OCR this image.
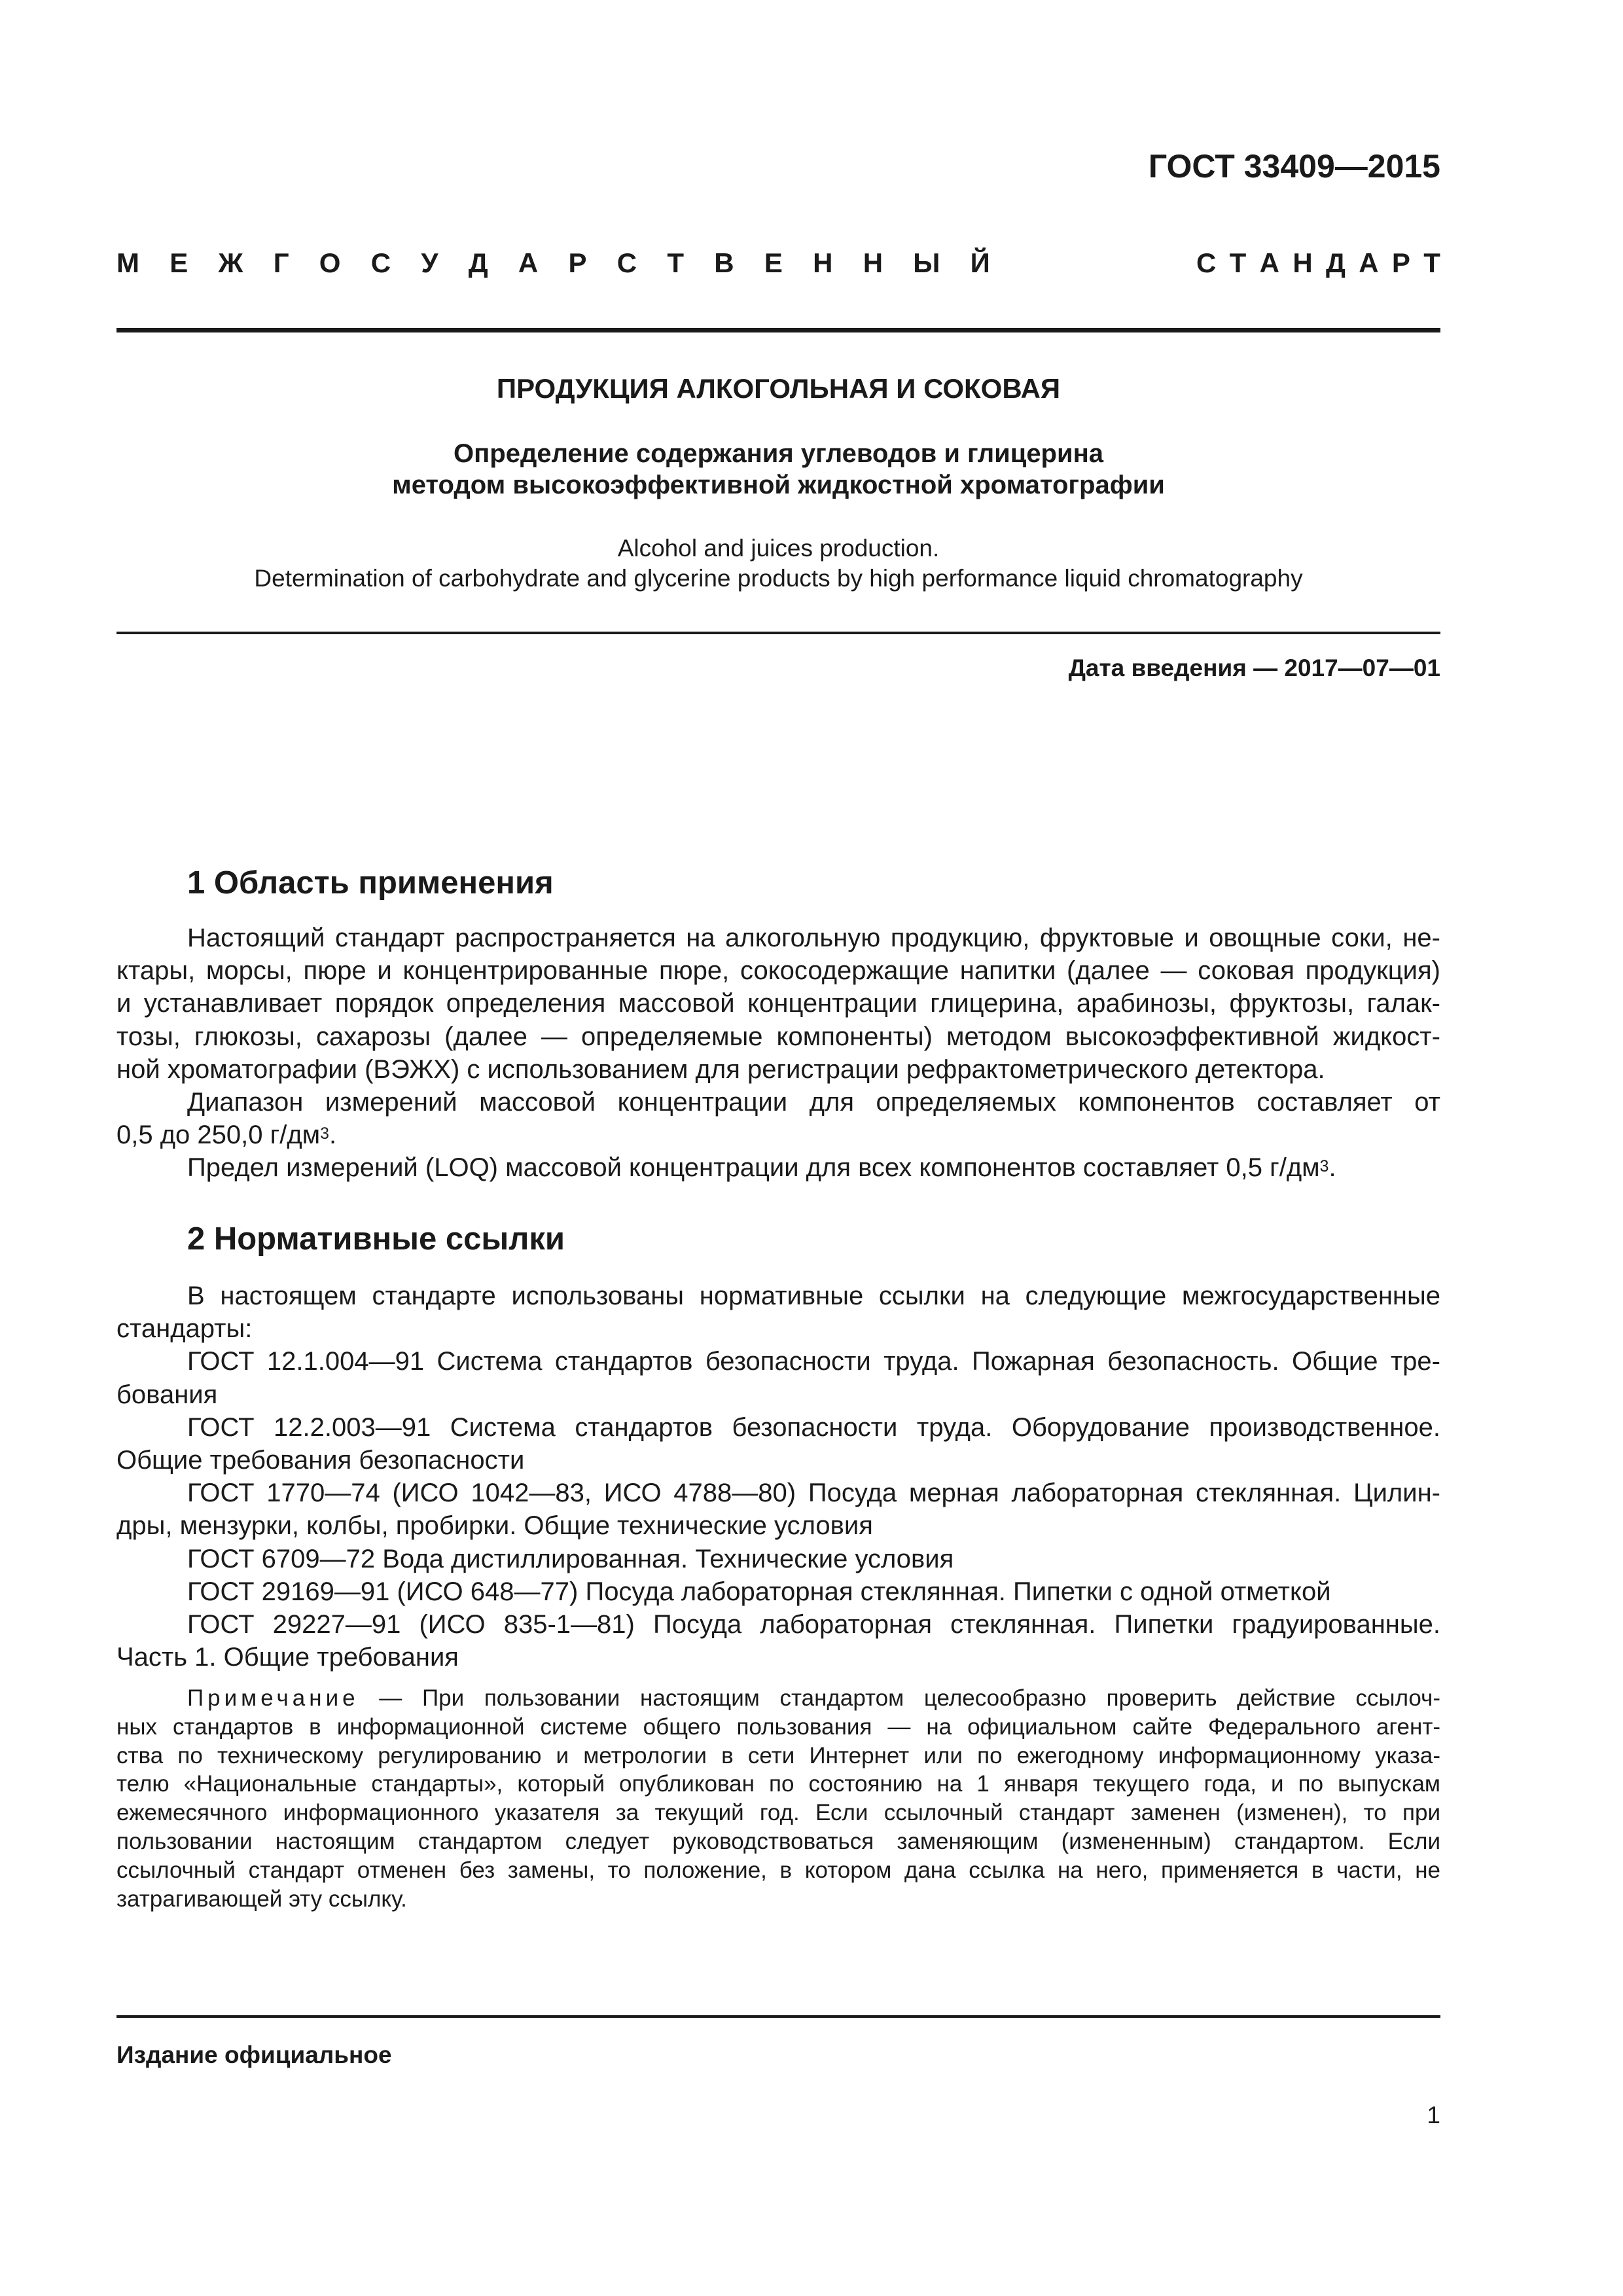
ГОСТ 33409—2015
М Е Ж Г О С У Д А Р С Т В Е Н Н Ы Й	С Т А Н Д А Р Т
ПРОДУКЦИЯ АЛКОГОЛЬНАЯ И СОКОВАЯ
Определение содержания углеводов и глицерина
методом высокоэффективной жидкостной хроматографии
Alcohol and juices production.
Determination of carbohydrate and glycerine products by high performance liquid chromatography
Дата введения — 2017—07—01
1 Область применения
Настоящий стандарт распространяется на алкогольную продукцию, фруктовые и овощные соки, не-
ктары, морсы, пюре и концентрированные пюре, сокосодержащие напитки (далее — соковая продукция)
и устанавливает порядок определения массовой концентрации глицерина, арабинозы, фруктозы, галак-
тозы, глюкозы, сахарозы (далее — определяемые компоненты) методом высокоэффективной жидкост-
ной хроматографии (ВЭЖХ) с использованием для регистрации рефрактометрического детектора.
Диапазон измерений массовой концентрации для определяемых компонентов составляет от
0,5 до 250,0 $г/дм^3$.
Предел измерений (LOQ) массовой концентрации для всех компонентов составляет 0,5 $г/дм^3$.
2 Нормативные ссылки
В настоящем стандарте использованы нормативные ссылки на следующие межгосударственные
стандарты:
ГОСТ 12.1.004—91 Система стандартов безопасности труда. Пожарная безопасность. Общие тре-
бования
ГОСТ 12.2.003—91 Система стандартов безопасности труда. Оборудование производственное.
Общие требования безопасности
ГОСТ 1770—74 (ИСО 1042—83, ИСО 4788—80) Посуда мерная лабораторная стеклянная. Цилин-
дры, мензурки, колбы, пробирки. Общие технические условия
ГОСТ 6709—72 Вода дистиллированная. Технические условия
ГОСТ 29169—91 (ИСО 648—77) Посуда лабораторная стеклянная. Пипетки с одной отметкой
ГОСТ 29227—91 (ИСО 835-1—81) Посуда лабораторная стеклянная. Пипетки градуированные.
Часть 1. Общие требования
Примечание — При пользовании настоящим стандартом целесообразно проверить действие ссылоч-
ных стандартов в информационной системе общего пользования — на официальном сайте Федерального агент-
ства по техническому регулированию и метрологии в сети Интернет или по ежегодному информационному указа-
телю «Национальные стандарты», который опубликован по состоянию на 1 января текущего года, и по выпускам
ежемесячного информационного указателя за текущий год. Если ссылочный стандарт заменен (изменен), то при
пользовании настоящим стандартом следует руководствоваться заменяющим (измененным) стандартом. Если
ссылочный стандарт отменен без замены, то положение, в котором дана ссылка на него, применяется в части, не
затрагивающей эту ссылку.
Издание официальное
1
